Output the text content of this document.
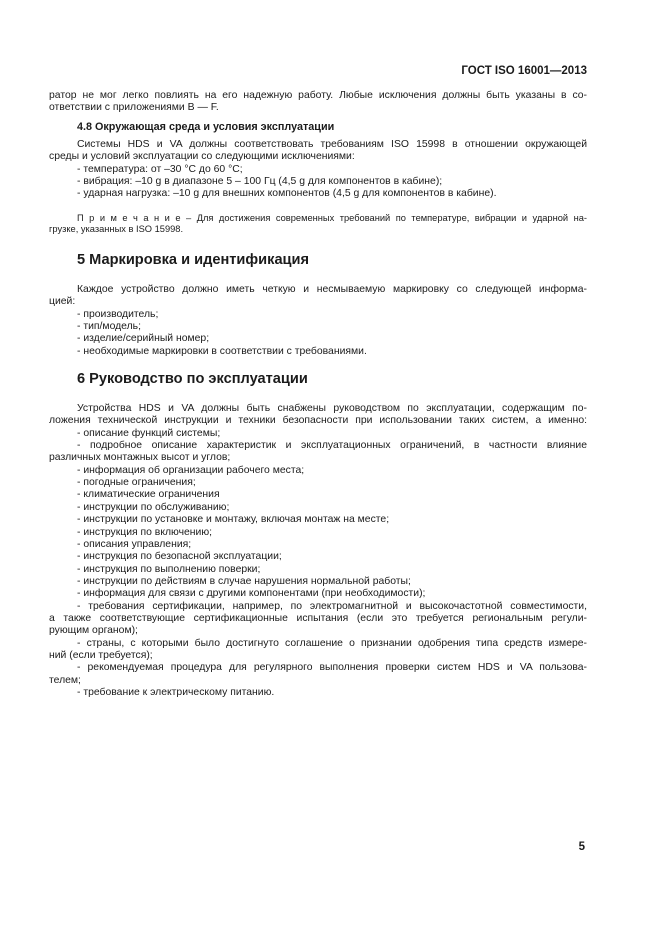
ГОСТ ISO 16001—2013
ратор не мог легко повлиять на его надежную работу. Любые исключения должны быть указаны в со-
ответствии с приложениями B — F.
4.8 Окружающая среда и условия эксплуатации
Системы HDS и VA должны соответствовать требованиям ISO 15998 в отношении окружающей
среды и условий эксплуатации со следующими исключениями:
- температура: от –30 °C до 60 °C;
- вибрация: –10 g в диапазоне 5 – 100 Гц (4,5 g для компонентов в кабине);
- ударная нагрузка: –10 g для внешних компонентов (4,5 g для компонентов в кабине).
П р и м е ч а н и е – Для достижения современных требований по температуре, вибрации и ударной на-
грузке, указанных в ISO 15998.
5 Маркировка и идентификация
Каждое устройство должно иметь четкую и несмываемую маркировку со следующей информа-
цией:
- производитель;
- тип/модель;
- изделие/серийный номер;
- необходимые маркировки в соответствии с требованиями.
6 Руководство по эксплуатации
Устройства HDS и VA должны быть снабжены руководством по эксплуатации, содержащим по-
ложения технической инструкции и техники безопасности при использовании таких систем, а именно:
- описание функций системы;
- подробное описание характеристик и эксплуатационных ограничений, в частности влияние
различных монтажных высот и углов;
- информация об организации рабочего места;
- погодные ограничения;
- климатические ограничения
- инструкции по обслуживанию;
- инструкции по установке и монтажу, включая монтаж на месте;
- инструкция по включению;
- описания управления;
- инструкция по безопасной эксплуатации;
- инструкция по выполнению поверки;
- инструкции по действиям в случае нарушения нормальной работы;
- информация для связи с другими компонентами (при необходимости);
- требования сертификации, например, по электромагнитной и высокочастотной совместимости,
а также соответствующие сертификационные испытания (если это требуется региональным регули-
рующим органом);
- страны, с которыми было достигнуто соглашение о признании одобрения типа средств измере-
ний (если требуется);
- рекомендуемая процедура для регулярного выполнения проверки систем HDS и VA пользова-
телем;
- требование к электрическому питанию.
5
